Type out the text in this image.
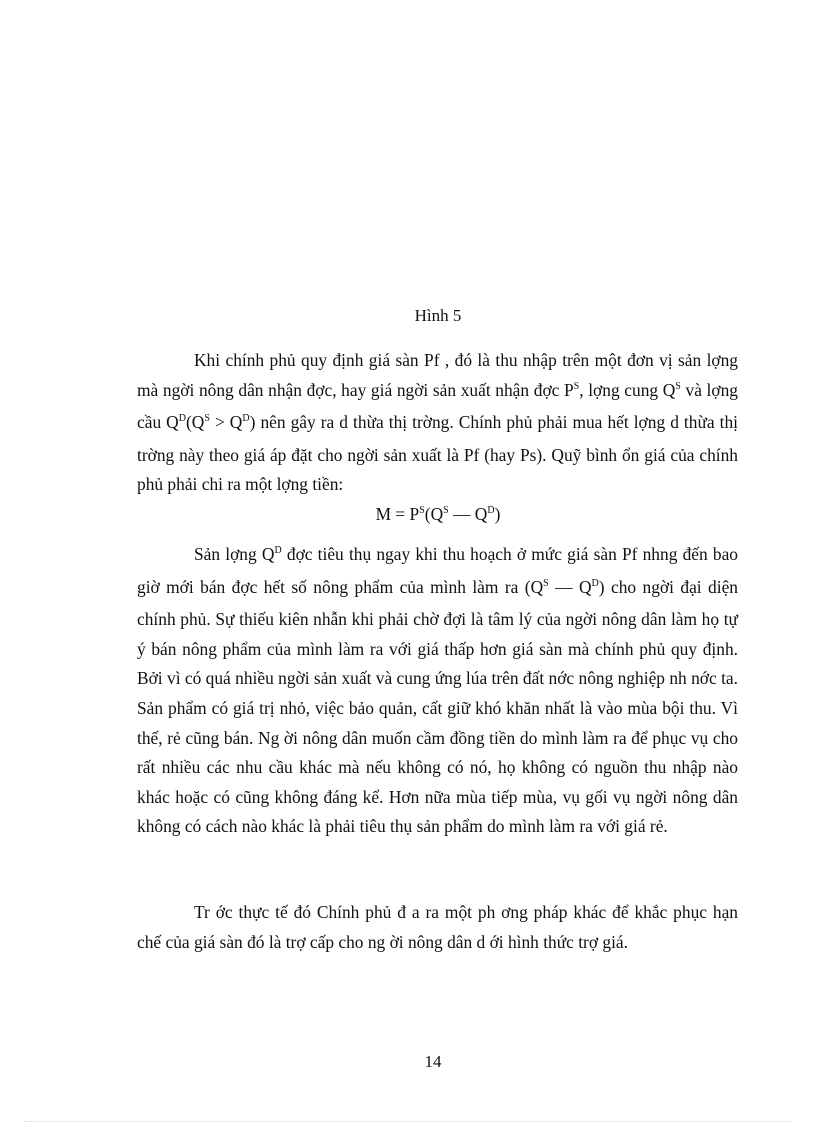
Hình 5

Khi chính phủ quy định giá sàn Pf , đó là thu nhập trên một đơn vị sản lợng mà ngời nông dân nhận đợc, hay giá ngời sản xuất nhận đợc $P^S$, lợng cung $Q^S$ và lợng cầu $Q^D(Q^S > Q^D)$ nên gây ra d thừa thị trờng. Chính phủ phải mua hết lợng d thừa thị trờng này theo giá áp đặt cho ngời sản xuất là Pf (hay Ps). Quỹ bình ổn giá của chính phủ phải chi ra một lợng tiền:

$M = P^S(Q^S$ — $Q^D$)

Sản lợng $Q^D$ đợc tiêu thụ ngay khi thu hoạch ở mức giá sàn Pf nhng đến bao giờ mới bán đợc hết số nông phẩm của mình làm ra ($Q^S$ — $Q^D$) cho ngời đại diện chính phủ. Sự thiếu kiên nhẫn khi phải chờ đợi là tâm lý của ngời nông dân làm họ tự ý bán nông phẩm của mình làm ra với giá thấp hơn giá sàn mà chính phủ quy định. Bởi vì có quá nhiều ngời sản xuất và cung ứng lúa trên đất nớc nông nghiệp nh nớc ta. Sản phẩm có giá trị nhỏ, việc bảo quản, cất giữ khó khăn nhất là vào mùa bội thu. Vì thế, rẻ cũng bán. Ng ời nông dân muốn cầm đồng tiền do mình làm ra để phục vụ cho rất nhiều các nhu cầu khác mà nếu không có nó, họ không có nguồn thu nhập nào khác hoặc có cũng không đáng kể. Hơn nữa mùa tiếp mùa, vụ gối vụ ngời nông dân không có cách nào khác là phải tiêu thụ sản phẩm do mình làm ra với giá rẻ.

Tr ớc thực tế đó Chính phủ đ a ra một ph ơng pháp khác để khắc phục hạn chế của giá sàn đó là trợ cấp cho ng ời nông dân d ới hình thức trợ giá.

14
